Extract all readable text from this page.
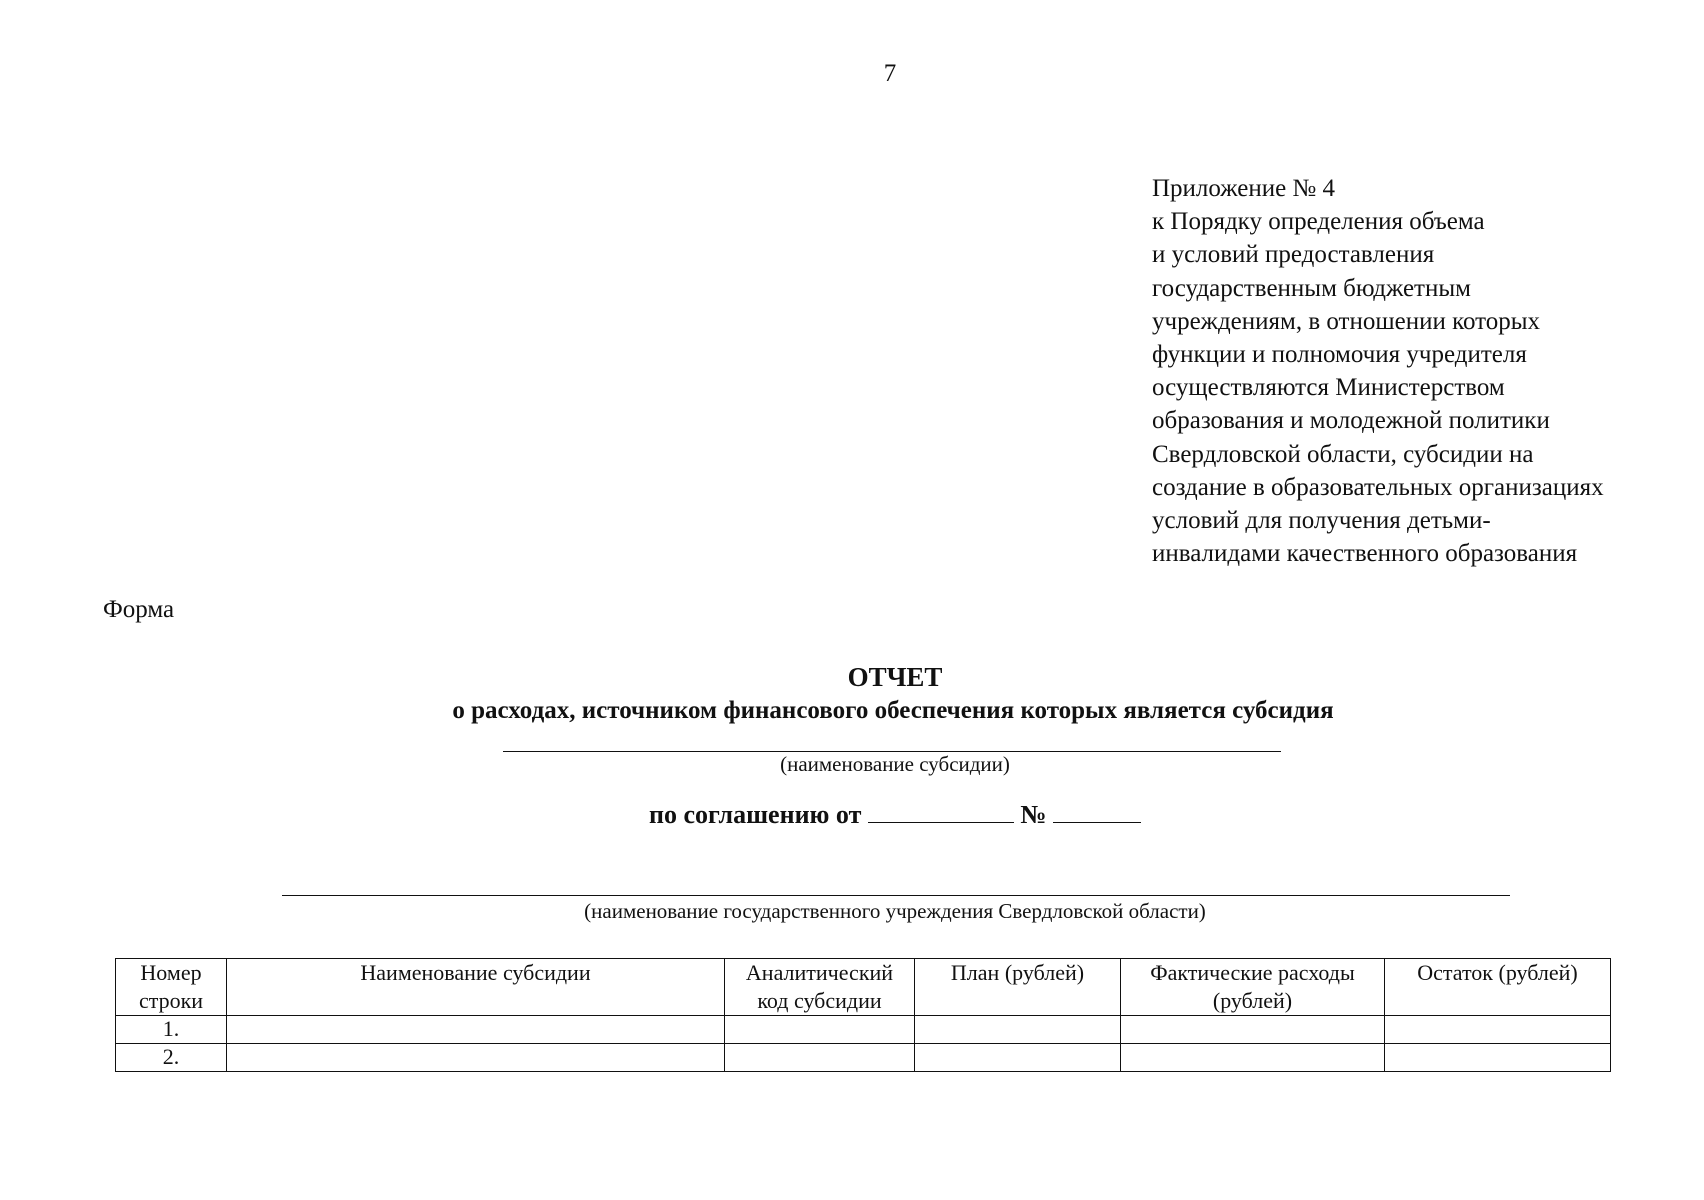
7
Приложение № 4
к Порядку определения объема
и условий предоставления
государственным бюджетным
учреждениям, в отношении которых
функции и полномочия учредителя
осуществляются Министерством
образования и молодежной политики
Свердловской области, субсидии на
создание в образовательных организациях
условий для получения детьми-
инвалидами качественного образования
Форма
ОТЧЕТ
о расходах, источником финансового обеспечения которых является субсидия
(наименование субсидии)
по соглашению от	№
(наименование государственного учреждения Свердловской области)
Номер строки	Наименование субсидии	Аналитический код субсидии	План (рублей)	Фактические расходы (рублей)	Остаток (рублей)
1.					
2.					
